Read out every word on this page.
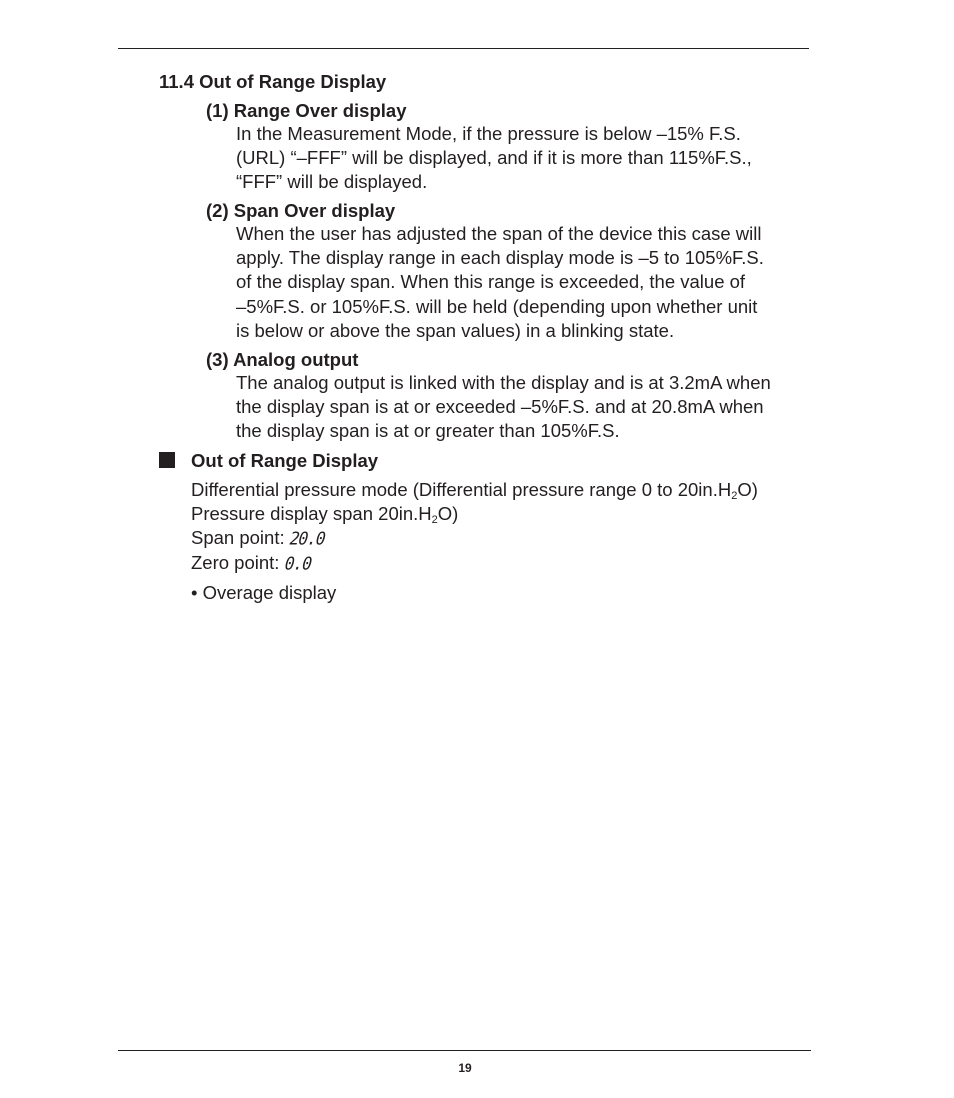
11.4 Out of Range Display
(1) Range Over display
In the Measurement Mode, if the pressure is below –15% F.S.
(URL) “–FFF” will be displayed, and if it is more than 115%F.S.,
“FFF” will be displayed.
(2) Span Over display
When the user has adjusted the span of the device this case will
apply. The display range in each display mode is –5 to 105%F.S.
of the display span. When this range is exceeded, the value of
–5%F.S. or 105%F.S. will be held (depending upon whether unit
is below or above the span values) in a blinking state.
(3) Analog output
The analog output is linked with the display and is at 3.2mA when
the display span is at or exceeded –5%F.S. and at 20.8mA when
the display span is at or greater than 105%F.S.
Out of Range Display
Differential pressure mode (Differential pressure range 0 to $20in.H_2O$)
Pressure display span $20in.H_2O$)
Span point: 20.0
Zero point: 0.0
• Overage display
19
